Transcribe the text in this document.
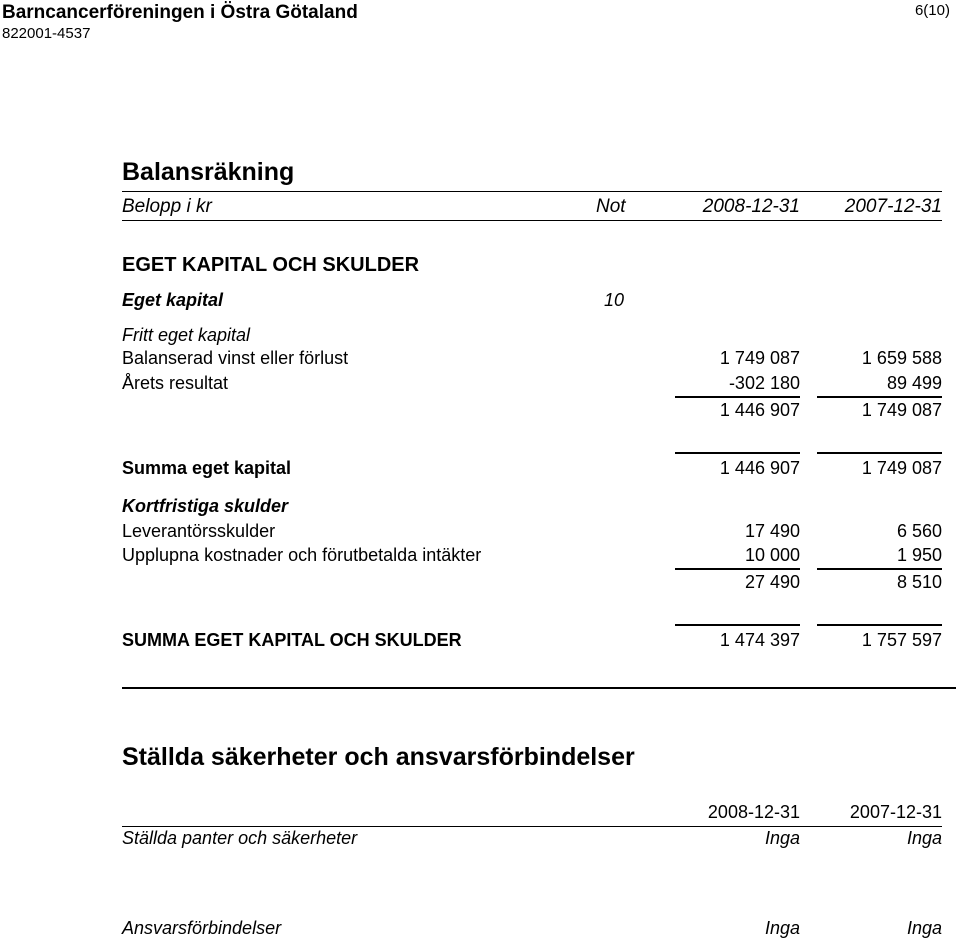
Barncancerföreningen i Östra Götaland
822001-4537
6(10)
Balansräkning
Belopp i kr	Not	2008-12-31 2007-12-31
EGET KAPITAL OCH SKULDER
Eget kapital	10
Fritt eget kapital
Balanserad vinst eller förlust	1 749 087	1 659 588
Årets resultat	-302 180	89 499
1 446 907	1 749 087
Summa eget kapital	1 446 907	1 749 087
Kortfristiga skulder
Leverantörsskulder	17 490	6 560
Upplupna kostnader och förutbetalda intäkter	10 000	1 950
27 490	8 510
SUMMA EGET KAPITAL OCH SKULDER	1 474 397	1 757 597
Ställda säkerheter och ansvarsförbindelser
2008-12-31	2007-12-31
Ställda panter och säkerheter	Inga	Inga
Ansvarsförbindelser	Inga	Inga
